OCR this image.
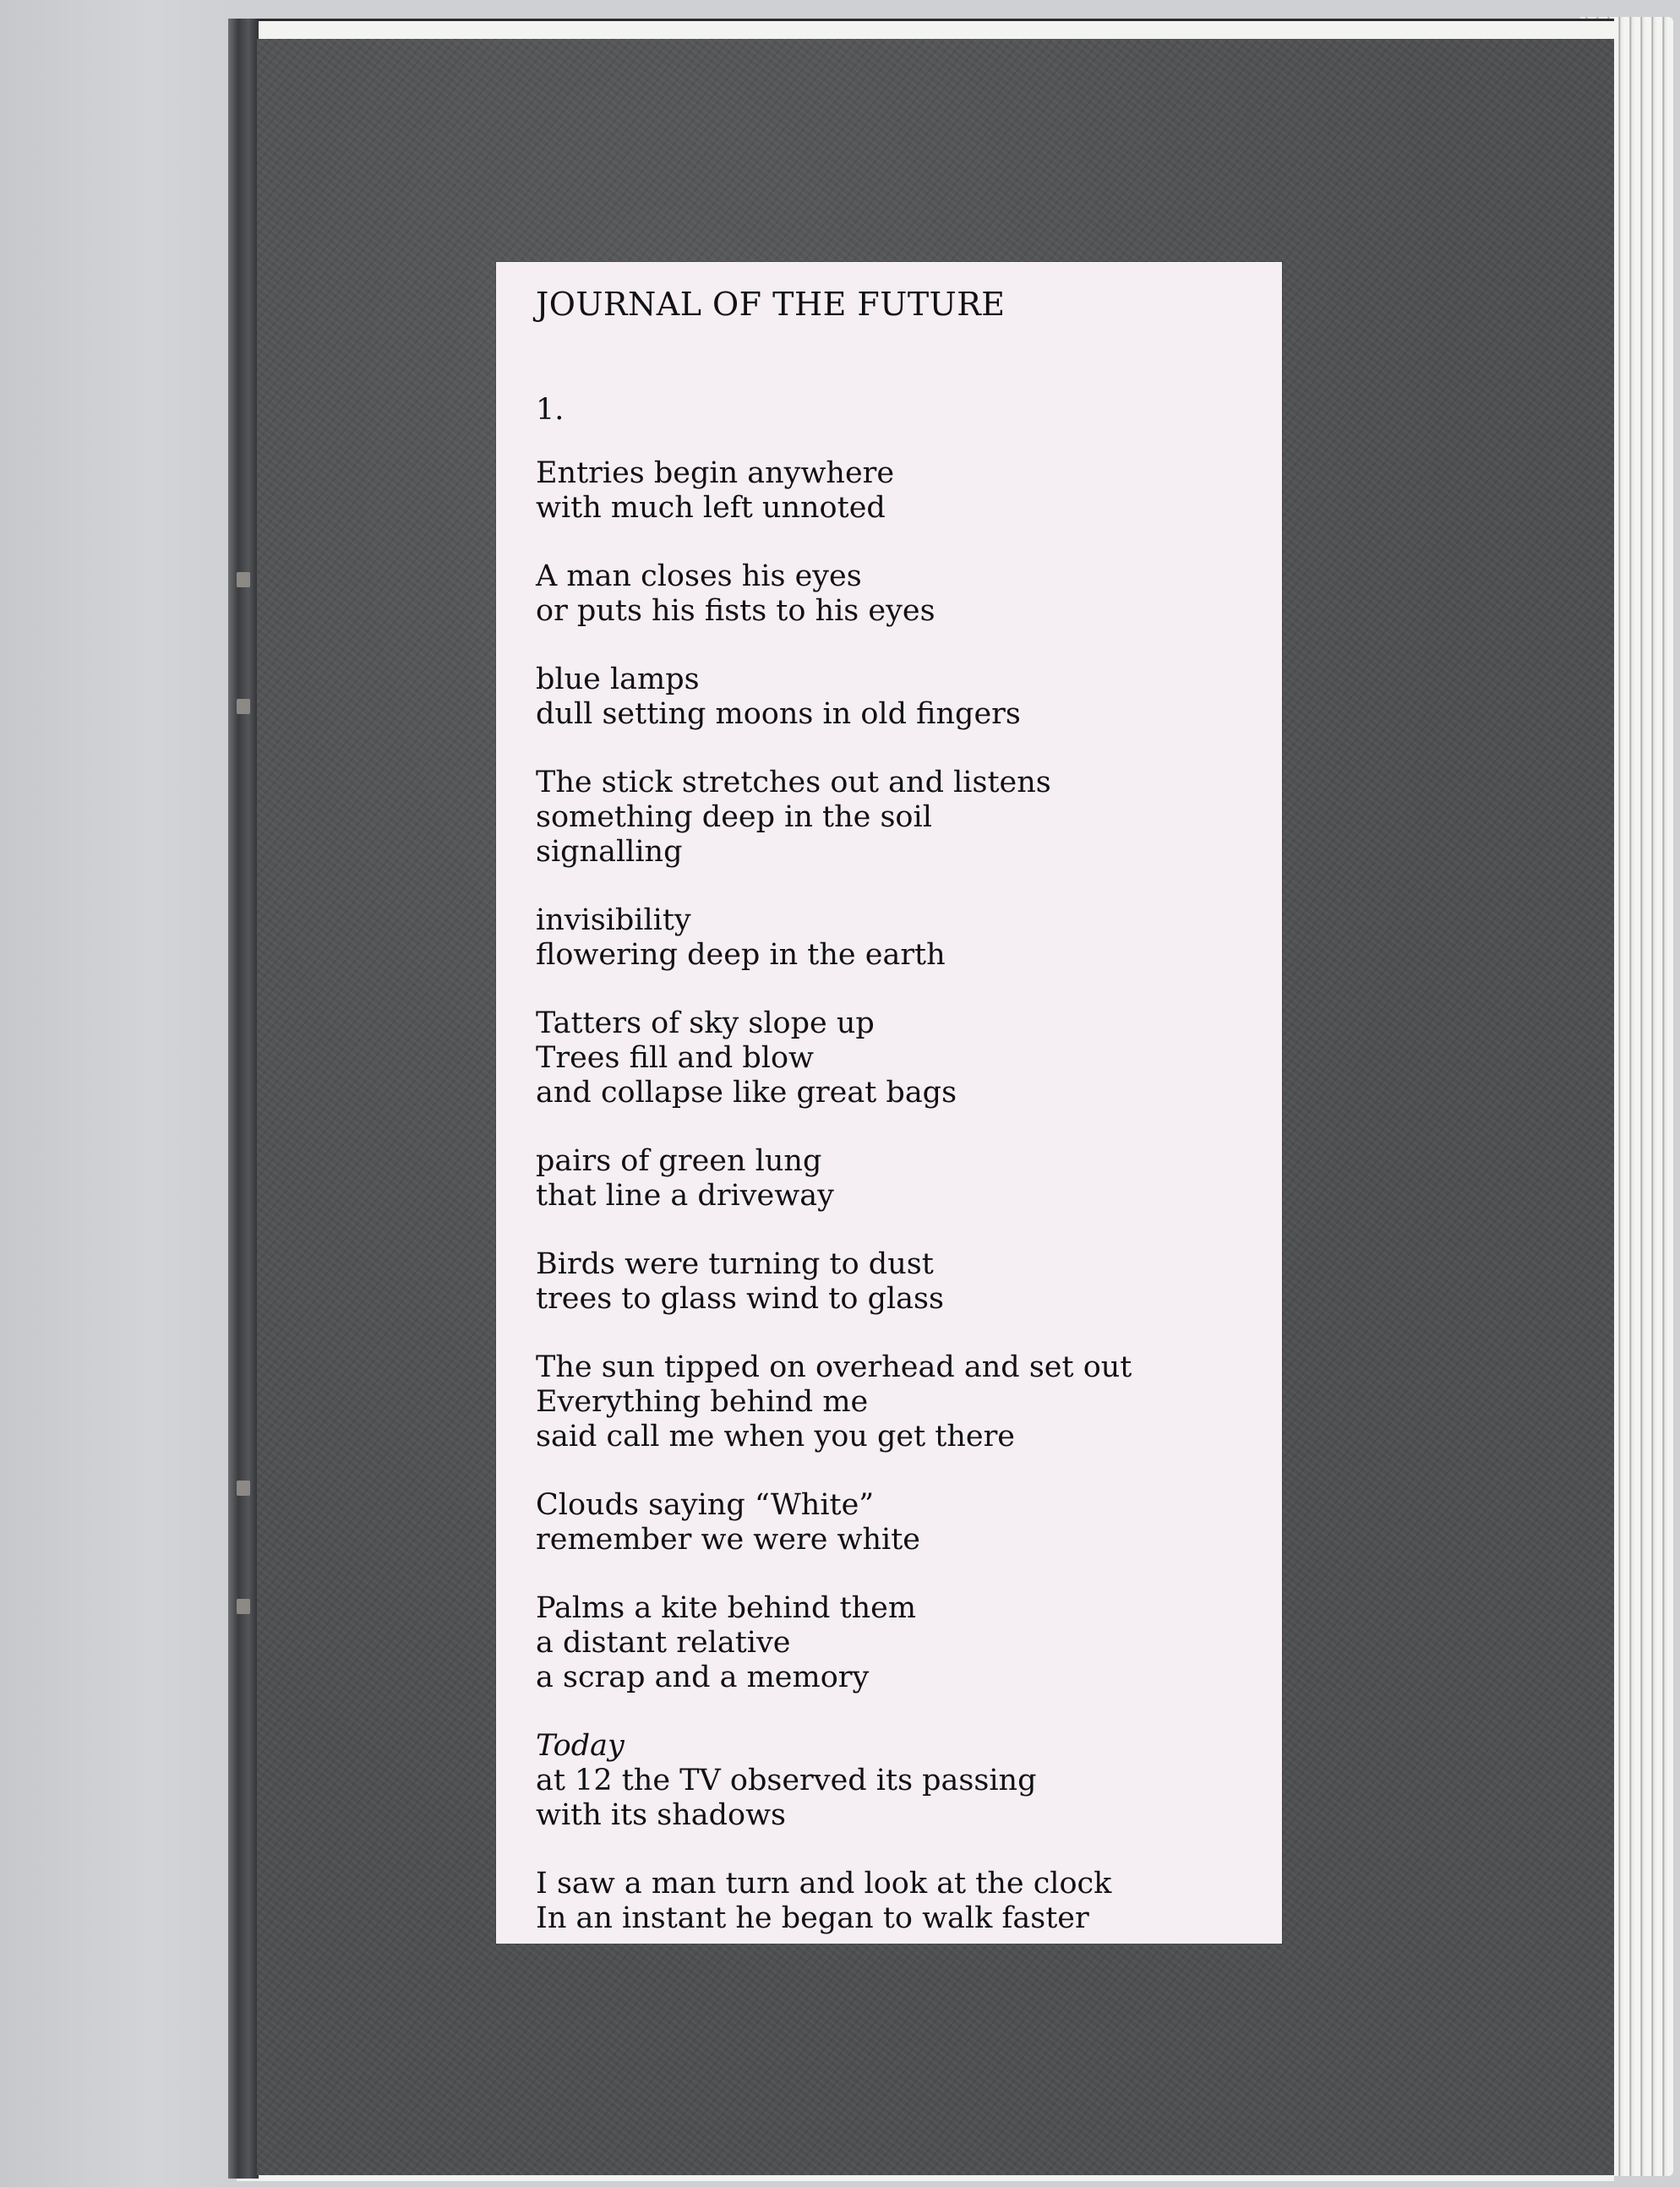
JOURNAL OF THE FUTURE
1.
Entries begin anywhere
with much left unnoted
A man closes his eyes
or puts his fists to his eyes
blue lamps
dull setting moons in old fingers
The stick stretches out and listens
something deep in the soil
signalling
invisibility
flowering deep in the earth
Tatters of sky slope up
Trees fill and blow
and collapse like great bags
pairs of green lung
that line a driveway
Birds were turning to dust
trees to glass wind to glass
The sun tipped on overhead and set out
Everything behind me
said call me when you get there
Clouds saying “White”
remember we were white
Palms a kite behind them
a distant relative
a scrap and a memory
Today
at 12 the TV observed its passing
with its shadows
I saw a man turn and look at the clock
In an instant he began to walk faster
